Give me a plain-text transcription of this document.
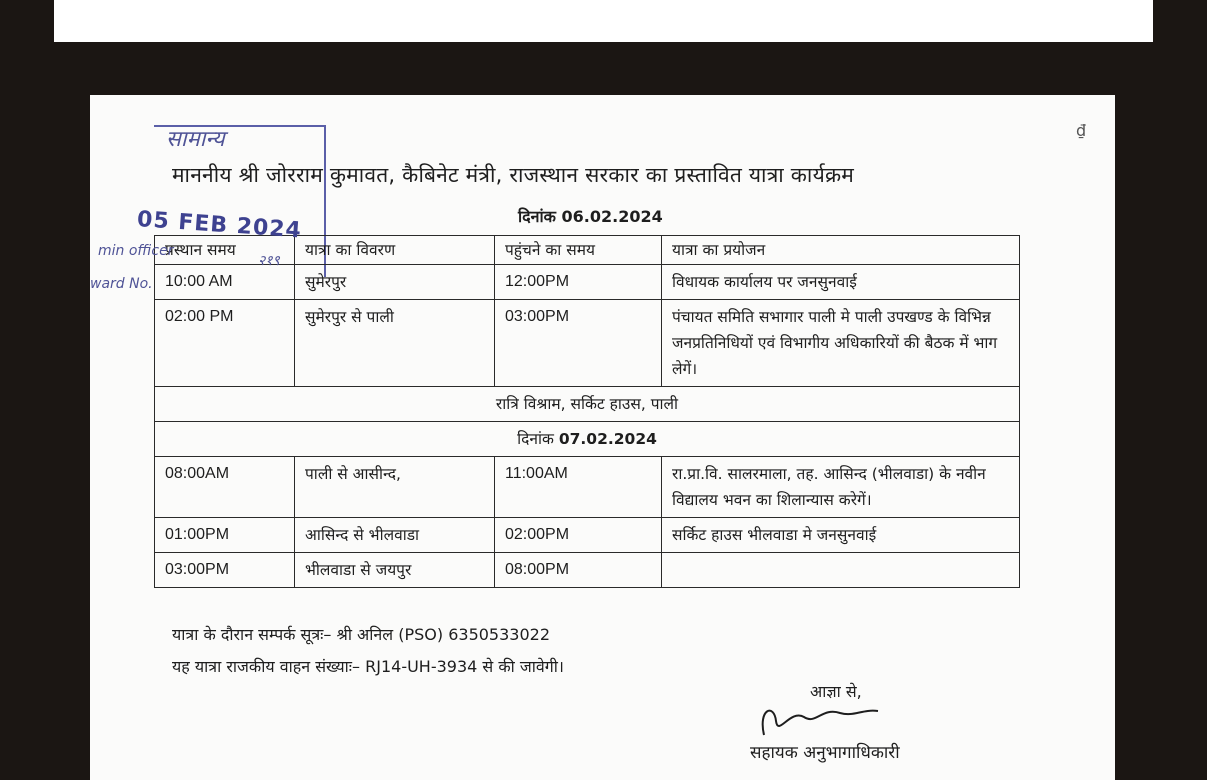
सामान्य
माननीय श्री जोरराम कुमावत, कैबिनेट मंत्री, राजस्थान सरकार का प्रस्तावित यात्रा कार्यक्रम
दिनांक 06.02.2024
प्रस्थान समय	यात्रा का विवरण	पहुंचने का समय	यात्रा का प्रयोजन
10:00 AM	सुमेरपुर	12:00PM	विधायक कार्यालय पर जनसुनवाई
02:00 PM	सुमेरपुर से पाली	03:00PM	पंचायत समिति सभागार पाली मे पाली उपखण्ड के विभिन्न जनप्रतिनिधियों एवं विभागीय अधिकारियों की बैठक में भाग लेगें।
रात्रि विश्राम, सर्किट हाउस, पाली			
दिनांक 07.02.2024			
08:00AM	पाली से आसीन्द,	11:00AM	रा.प्रा.वि. सालरमाला, तह. आसिन्द (भीलवाडा) के नवीन विद्यालय भवन का शिलान्यास करेगें।
01:00PM	आसिन्द से भीलवाडा	02:00PM	सर्किट हाउस भीलवाडा मे जनसुनवाई
03:00PM	भीलवाडा से जयपुर	08:00PM	
05 FEB 2024
min officer
ward No.
२१९
यात्रा के दौरान सम्पर्क सूत्रः– श्री अनिल (PSO) 6350533022
यह यात्रा राजकीय वाहन संख्याः– RJ14-UH-3934 से की जावेगी।
आज्ञा से,
सहायक अनुभागाधिकारी
₫
